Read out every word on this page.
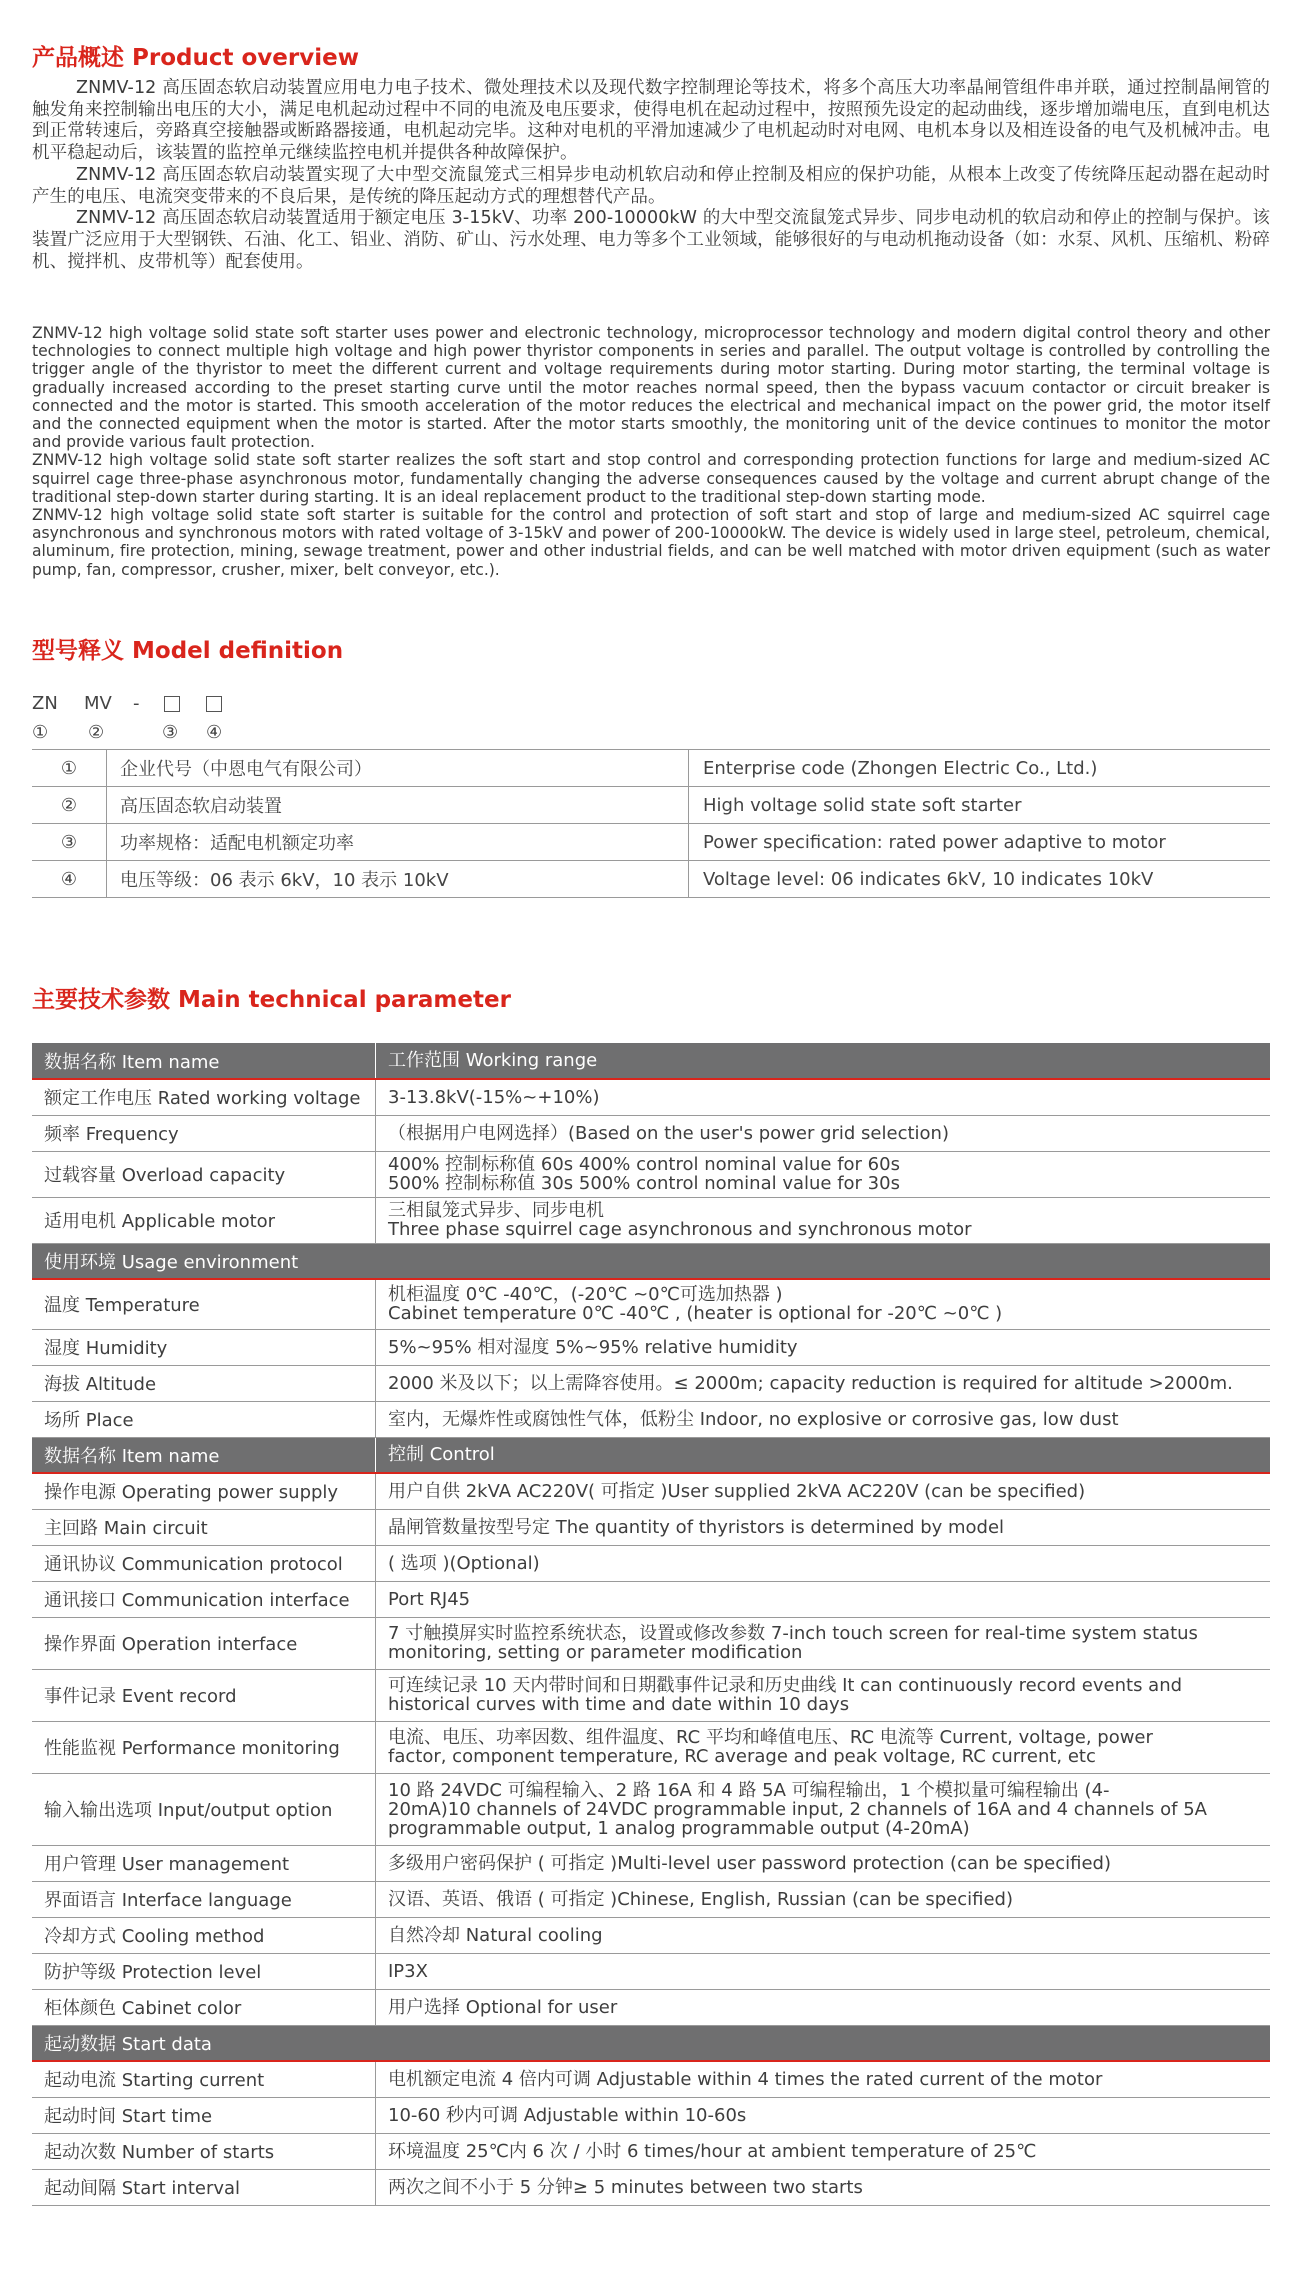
产品概述 Product overview

ZNMV-12 高压固态软启动装置应用电力电子技术、微处理技术以及现代数字控制理论等技术，将多个高压大功率晶闸管组件串并联，通过控制晶闸管的触发角来控制输出电压的大小，满足电机起动过程中不同的电流及电压要求，使得电机在起动过程中，按照预先设定的起动曲线，逐步增加端电压，直到电机达到正常转速后，旁路真空接触器或断路器接通，电机起动完毕。这种对电机的平滑加速减少了电机起动时对电网、电机本身以及相连设备的电气及机械冲击。电机平稳起动后，该装置的监控单元继续监控电机并提供各种故障保护。

ZNMV-12 高压固态软启动装置实现了大中型交流鼠笼式三相异步电动机软启动和停止控制及相应的保护功能，从根本上改变了传统降压起动器在起动时产生的电压、电流突变带来的不良后果，是传统的降压起动方式的理想替代产品。

ZNMV-12 高压固态软启动装置适用于额定电压 3-15kV、功率 200-10000kW 的大中型交流鼠笼式异步、同步电动机的软启动和停止的控制与保护。该装置广泛应用于大型钢铁、石油、化工、铝业、消防、矿山、污水处理、电力等多个工业领域，能够很好的与电动机拖动设备（如：水泵、风机、压缩机、粉碎机、搅拌机、皮带机等）配套使用。

ZNMV-12 high voltage solid state soft starter uses power and electronic technology, microprocessor technology and modern digital control theory and other technologies to connect multiple high voltage and high power thyristor components in series and parallel. The output voltage is controlled by controlling the trigger angle of the thyristor to meet the different current and voltage requirements during motor starting. During motor starting, the terminal voltage is gradually increased according to the preset starting curve until the motor reaches normal speed, then the bypass vacuum contactor or circuit breaker is connected and the motor is started. This smooth acceleration of the motor reduces the electrical and mechanical impact on the power grid, the motor itself and the connected equipment when the motor is started. After the motor starts smoothly, the monitoring unit of the device continues to monitor the motor and provide various fault protection.

ZNMV-12 high voltage solid state soft starter realizes the soft start and stop control and corresponding protection functions for large and medium-sized AC squirrel cage three-phase asynchronous motor, fundamentally changing the adverse consequences caused by the voltage and current abrupt change of the traditional step-down starter during starting. It is an ideal replacement product to the traditional step-down starting mode.

ZNMV-12 high voltage solid state soft starter is suitable for the control and protection of soft start and stop of large and medium-sized AC squirrel cage asynchronous and synchronous motors with rated voltage of 3-15kV and power of 200-10000kW. The device is widely used in large steel, petroleum, chemical, aluminum, fire protection, mining, sewage treatment, power and other industrial fields, and can be well matched with motor driven equipment (such as water pump, fan, compressor, crusher, mixer, belt conveyor, etc.).

型号释义 Model definition
ZN MV -
① ②	③ ④
①	企业代号（中恩电气有限公司）	Enterprise code (Zhongen Electric Co., Ltd.)
②	高压固态软启动装置	High voltage solid state soft starter
③	功率规格：适配电机额定功率	Power specification: rated power adaptive to motor
④	电压等级：06 表示 6kV，10 表示 10kV	Voltage level: 06 indicates 6kV, 10 indicates 10kV
主要技术参数 Main technical parameter
数据名称 Item name	工作范围 Working range
额定工作电压 Rated working voltage	3-13.8kV(-15%~+10%)

频率 Frequency	（根据用户电网选择）(Based on the user's power grid selection)

过载容量 Overload capacity	400% 控制标称值 60s 400% control nominal value for 60s
500% 控制标称值 30s 500% control nominal value for 30s

适用电机 Applicable motor	三相鼠笼式异步、同步电机
Three phase squirrel cage asynchronous and synchronous motor

使用环境 Usage environment	
温度 Temperature	机柜温度 0℃ -40℃，(-20℃ ~0℃可选加热器 )
Cabinet temperature 0℃ -40℃ , (heater is optional for -20℃ ~0℃ )

湿度 Humidity	5%~95% 相对湿度 5%~95% relative humidity

海拔 Altitude	2000 米及以下；以上需降容使用。≤ 2000m; capacity reduction is required for altitude >2000m.

场所 Place	室内，无爆炸性或腐蚀性气体，低粉尘 Indoor, no explosive or corrosive gas, low dust

数据名称 Item name	控制 Control
操作电源 Operating power supply	用户自供 2kVA AC220V( 可指定 )User supplied 2kVA AC220V (can be specified)

主回路 Main circuit	晶闸管数量按型号定 The quantity of thyristors is determined by model

通讯协议 Communication protocol	( 选项 )(Optional)

通讯接口 Communication interface	Port RJ45

操作界面 Operation interface	7 寸触摸屏实时监控系统状态，设置或修改参数 7-inch touch screen for real-time system status
monitoring, setting or parameter modification

事件记录 Event record	可连续记录 10 天内带时间和日期戳事件记录和历史曲线 It can continuously record events and
historical curves with time and date within 10 days

性能监视 Performance monitoring	电流、电压、功率因数、组件温度、RC 平均和峰值电压、RC 电流等 Current, voltage, power
factor, component temperature, RC average and peak voltage, RC current, etc

输入输出选项 Input/output option	10 路 24VDC 可编程输入、2 路 16A 和 4 路 5A 可编程输出，1 个模拟量可编程输出 (4-
20mA)10 channels of 24VDC programmable input, 2 channels of 16A and 4 channels of 5A
programmable output, 1 analog programmable output (4-20mA)

用户管理 User management	多级用户密码保护 ( 可指定 )Multi-level user password protection (can be specified)

界面语言 Interface language	汉语、英语、俄语 ( 可指定 )Chinese, English, Russian (can be specified)

冷却方式 Cooling method	自然冷却 Natural cooling

防护等级 Protection level	IP3X

柜体颜色 Cabinet color	用户选择 Optional for user

起动数据 Start data	
起动电流 Starting current	电机额定电流 4 倍内可调 Adjustable within 4 times the rated current of the motor

起动时间 Start time	10-60 秒内可调 Adjustable within 10-60s

起动次数 Number of starts	环境温度 25℃内 6 次 / 小时 6 times/hour at ambient temperature of 25℃

起动间隔 Start interval	两次之间不小于 5 分钟≥ 5 minutes between two starts
